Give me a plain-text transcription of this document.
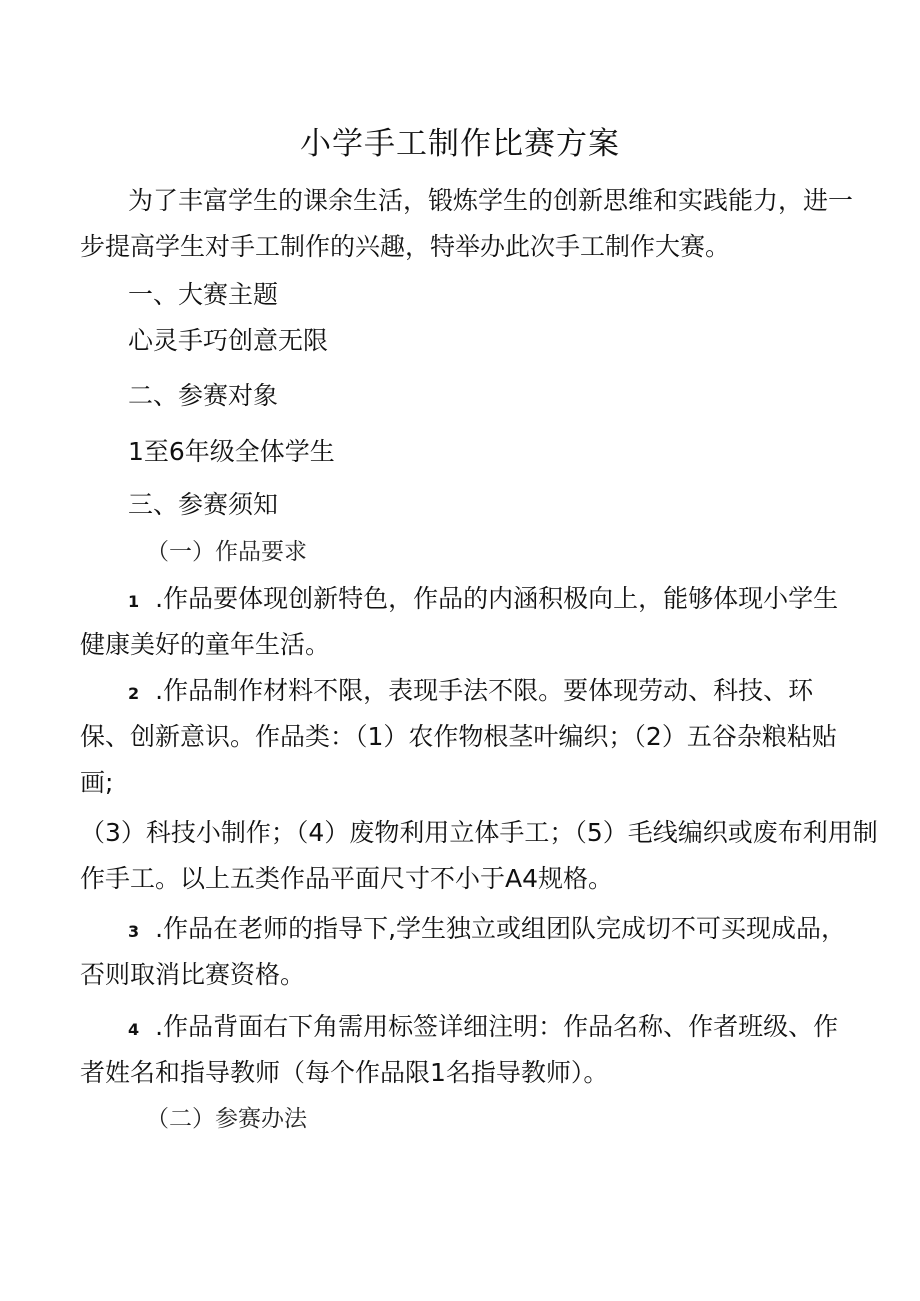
小学手工制作比赛方案
为了丰富学生的课余生活，锻炼学生的创新思维和实践能力，进一
步提高学生对手工制作的兴趣，特举办此次手工制作大赛。
一、大赛主题
心灵手巧创意无限
二、参赛对象
1至6年级全体学生
三、参赛须知
（一）作品要求
1 .作品要体现创新特色，作品的内涵积极向上，能够体现小学生
健康美好的童年生活。
2 .作品制作材料不限，表现手法不限。要体现劳动、科技、环
保、创新意识。作品类：（1）农作物根茎叶编织；（2）五谷杂粮粘贴
画;
（3）科技小制作；（4）废物利用立体手工；（5）毛线编织或废布利用制
作手工。以上五类作品平面尺寸不小于A4规格。
3 .作品在老师的指导下,学生独立或组团队完成切不可买现成品，
否则取消比赛资格。
4 .作品背面右下角需用标签详细注明：作品名称、作者班级、作
者姓名和指导教师（每个作品限1名指导教师）。
（二）参赛办法
